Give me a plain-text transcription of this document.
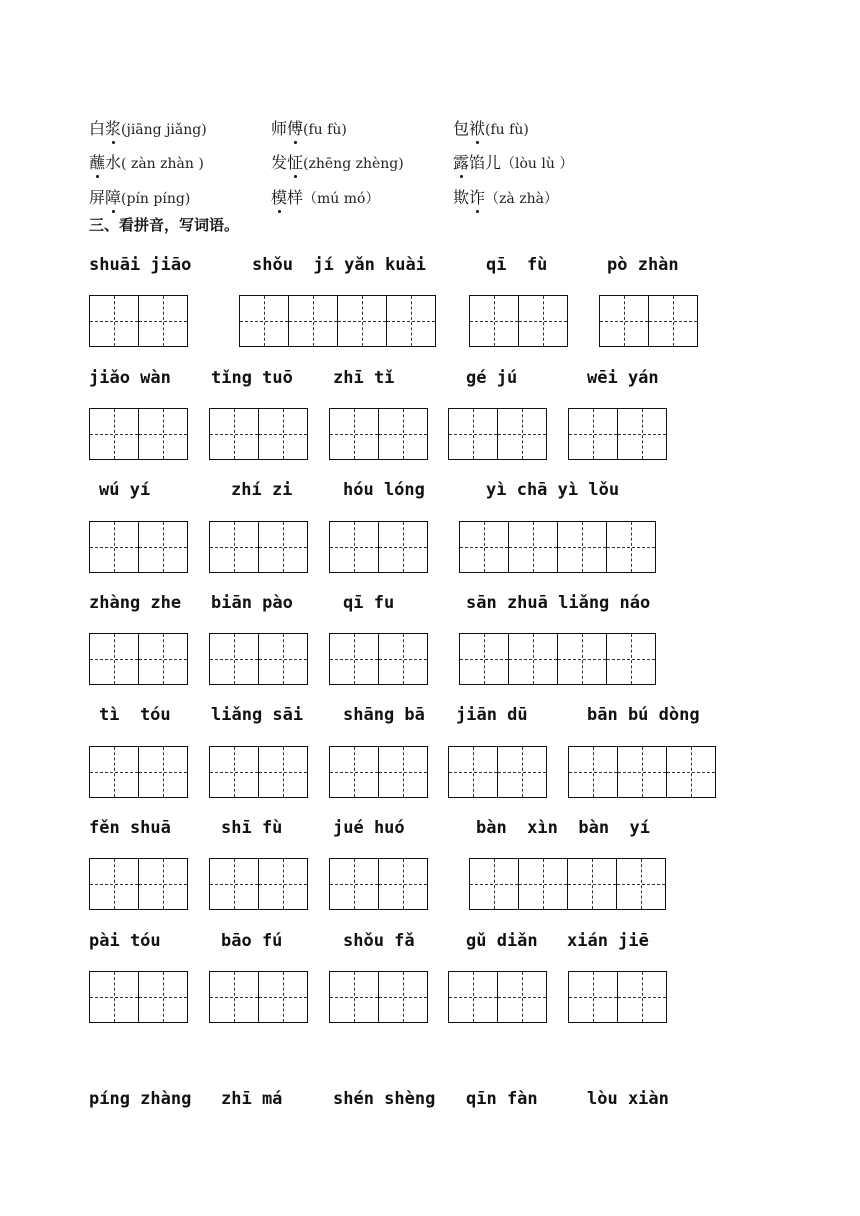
白浆(jiāng jiǎng)	师傅(fu fù)	包袱(fu fù)
蘸水( zàn zhàn )	发怔(zhēng zhèng)	露馅儿（lòu lù ）
屏障(pín píng)	模样（mú mó）	欺诈（zà zhà）
三、看拼音，写词语。
shuāi jiāo	shǒu  jí yǎn kuài	qī  fù	pò zhàn
jiǎo wàn tǐng tuō zhī tǐ	gé jú	wēi yán
wú yí	zhí zi	hóu lóng	yì chā yì lǒu
zhàng zhe biān pào	qī fu	sān zhuā liǎng náo
tì  tóu liǎng sāi shāng bā jiān dū	bān bú dòng
fěn shuā	shī fù	jué huó	bàn  xìn  bàn  yí
pài tóu	bāo fú	shǒu fǎ	gǔ diǎn xián jiē
píng zhàng zhī má	shén shèng qīn fàn	lòu xiàn
